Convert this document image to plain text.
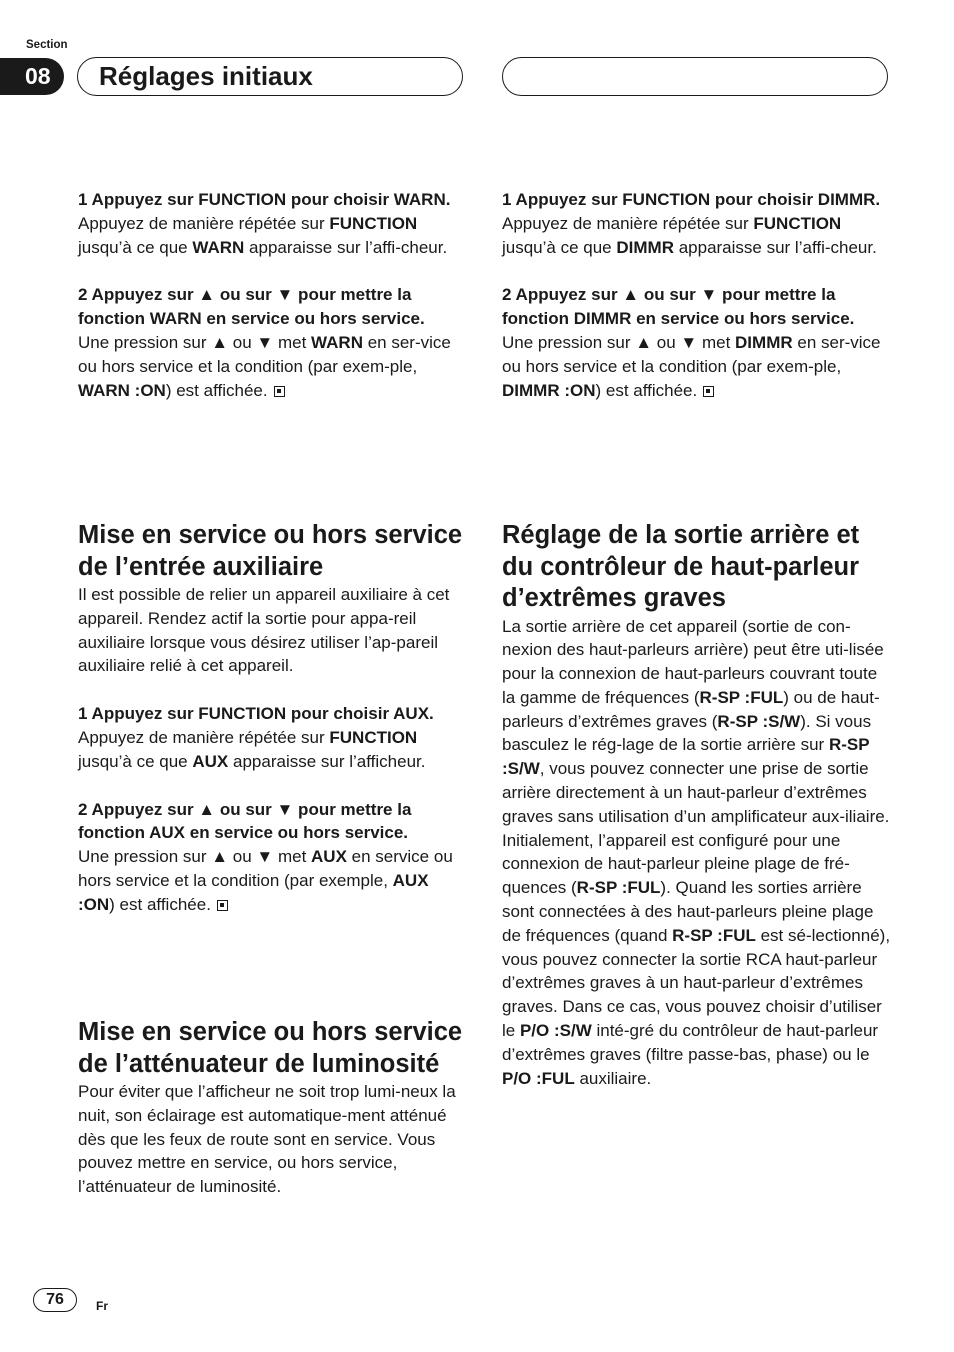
Section
08	Réglages initiaux

1 Appuyez sur FUNCTION pour choisir WARN.

Appuyez de manière répétée sur FUNCTION jusqu’à ce que WARN apparaisse sur l’affi-cheur.

2 Appuyez sur ▲ ou sur ▼ pour mettre la fonction WARN en service ou hors service.

Une pression sur ▲ ou ▼ met WARN en ser-vice ou hors service et la condition (par exem-ple, WARN :ON) est affichée.

Mise en service ou hors service de l’entrée auxiliaire

Il est possible de relier un appareil auxiliaire à cet appareil. Rendez actif la sortie pour appa-reil auxiliaire lorsque vous désirez utiliser l’ap-pareil auxiliaire relié à cet appareil.

1 Appuyez sur FUNCTION pour choisir AUX.

Appuyez de manière répétée sur FUNCTION jusqu’à ce que AUX apparaisse sur l’afficheur.

2 Appuyez sur ▲ ou sur ▼ pour mettre la fonction AUX en service ou hors service.

Une pression sur ▲ ou ▼ met AUX en service ou hors service et la condition (par exemple, AUX :ON) est affichée.

Mise en service ou hors service de l’atténuateur de luminosité

Pour éviter que l’afficheur ne soit trop lumi-neux la nuit, son éclairage est automatique-ment atténué dès que les feux de route sont en service. Vous pouvez mettre en service, ou hors service, l’atténuateur de luminosité.

1 Appuyez sur FUNCTION pour choisir DIMMR.

Appuyez de manière répétée sur FUNCTION jusqu’à ce que DIMMR apparaisse sur l’affi-cheur.

2 Appuyez sur ▲ ou sur ▼ pour mettre la fonction DIMMR en service ou hors service.

Une pression sur ▲ ou ▼ met DIMMR en ser-vice ou hors service et la condition (par exem-ple, DIMMR :ON) est affichée.

Réglage de la sortie arrière et du contrôleur de haut-parleur d’extrêmes graves

La sortie arrière de cet appareil (sortie de con-nexion des haut-parleurs arrière) peut être uti-lisée pour la connexion de haut-parleurs couvrant toute la gamme de fréquences (R-SP :FUL) ou de haut-parleurs d’extrêmes graves (R-SP :S/W). Si vous basculez le rég-lage de la sortie arrière sur R-SP :S/W, vous pouvez connecter une prise de sortie arrière directement à un haut-parleur d’extrêmes graves sans utilisation d’un amplificateur aux-iliaire.

Initialement, l’appareil est configuré pour une connexion de haut-parleur pleine plage de fré-quences (R-SP :FUL). Quand les sorties arrière sont connectées à des haut-parleurs pleine plage de fréquences (quand R-SP :FUL est sé-lectionné), vous pouvez connecter la sortie RCA haut-parleur d’extrêmes graves à un haut-parleur d’extrêmes graves. Dans ce cas, vous pouvez choisir d’utiliser le P/O :S/W inté-gré du contrôleur de haut-parleur d’extrêmes graves (filtre passe-bas, phase) ou le P/O :FUL auxiliaire.

76	Fr
